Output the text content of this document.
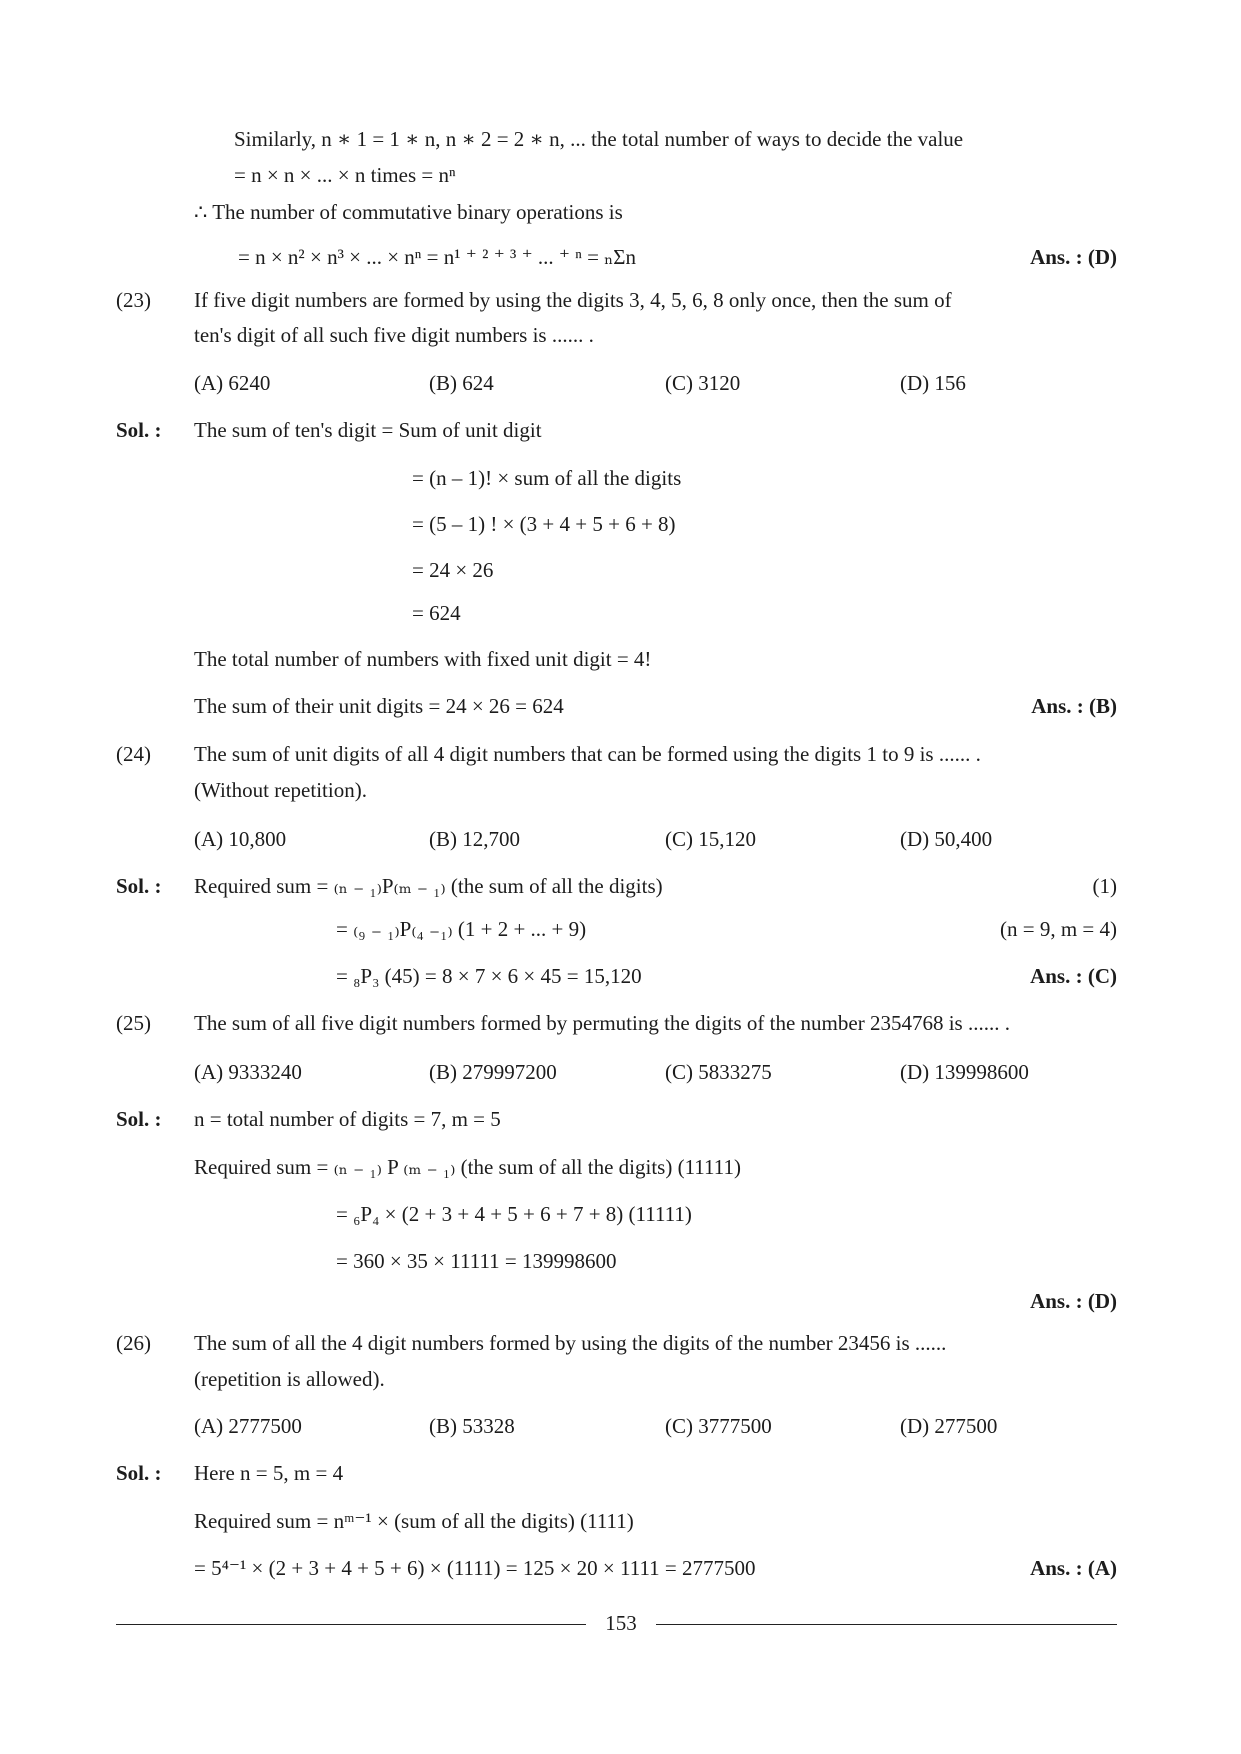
Similarly, n ∗ 1 = 1 ∗ n, n ∗ 2 = 2 ∗ n, ... the total number of ways to decide the value
= n × n × ... × n times = nⁿ
∴ The number of commutative binary operations is
= n × n² × n³ × ... × nⁿ = n¹ ⁺ ² ⁺ ³ ⁺ ... ⁺ ⁿ = ₙΣn	Ans. : (D)
(23) If five digit numbers are formed by using the digits 3, 4, 5, 6, 8 only once, then the sum of
ten's digit of all such five digit numbers is ...... .
(A) 6240	(B) 624	(C) 3120	(D) 156
Sol. : The sum of ten's digit = Sum of unit digit
= (n – 1)! × sum of all the digits
= (5 – 1) ! × (3 + 4 + 5 + 6 + 8)
= 24 × 26
= 624
The total number of numbers with fixed unit digit = 4!
The sum of their unit digits = 24 × 26 = 624	Ans. : (B)
(24) The sum of unit digits of all 4 digit numbers that can be formed using the digits 1 to 9 is ...... .
(Without repetition).
(A) 10,800	(B) 12,700	(C) 15,120	(D) 50,400
Sol. : Required sum = ₍ₙ ₋ ₁₎P₍ₘ ₋ ₁₎ (the sum of all the digits)	(1)
= ₍₉ ₋ ₁₎P₍₄ ₋₁₎ (1 + 2 + ... + 9)	(n = 9, m = 4)
= ₈P₃ (45) = 8 × 7 × 6 × 45 = 15,120	Ans. : (C)
(25) The sum of all five digit numbers formed by permuting the digits of the number 2354768 is ...... .
(A) 9333240	(B) 279997200	(C) 5833275	(D) 139998600
Sol. : n = total number of digits = 7, m = 5
Required sum = ₍ₙ ₋ ₁₎ P ₍ₘ ₋ ₁₎ (the sum of all the digits) (11111)
= ₆P₄ × (2 + 3 + 4 + 5 + 6 + 7 + 8) (11111)
= 360 × 35 × 11111 = 139998600
Ans. : (D)
(26) The sum of all the 4 digit numbers formed by using the digits of the number 23456 is ......
(repetition is allowed).
(A) 2777500	(B) 53328	(C) 3777500	(D) 277500
Sol. : Here n = 5, m = 4
Required sum = nᵐ⁻¹ × (sum of all the digits) (1111)
= 5⁴⁻¹ × (2 + 3 + 4 + 5 + 6) × (1111) = 125 × 20 × 1111 = 2777500	Ans. : (A)
153
